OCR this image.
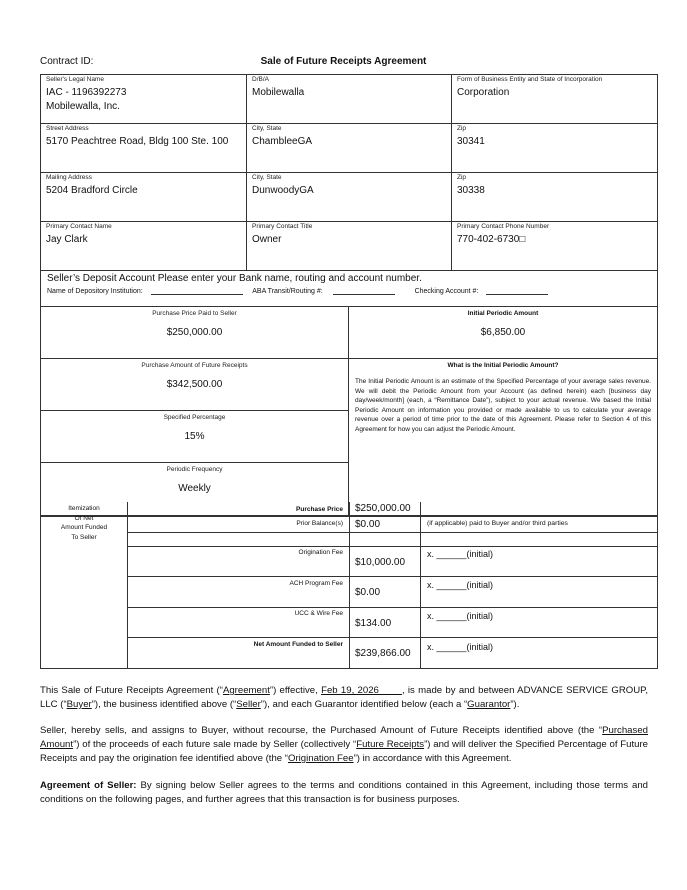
Contract ID:	Sale of Future Receipts Agreement
Seller's Legal Name
IAC - 1196392273
Mobilewalla, Inc.
D/B/A
Mobilewalla
Form of Business Entity and State of Incorporation
Corporation
Street Address
5170 Peachtree Road, Bldg 100 Ste. 100
City, State
ChambleeGA
Zip
30341
Mailing Address
5204 Bradford Circle
City, State
DunwoodyGA
Zip
30338
Primary Contact Name
Jay Clark
Primary Contact Title
Owner
Primary Contact Phone Number
770-402-6730□
Seller’s Deposit Account Please enter your Bank name, routing and account number.
Name of Depository Institution:	ABA Transit/Routing #:	Checking Account #:
Purchase Price Paid to Seller
$250,000.00
Purchase Amount of Future Receipts
$342,500.00
Specified Percentage
15%
Periodic Frequency
Weekly
Initial Periodic Amount
$6,850.00
What is the Initial Periodic Amount?
The Initial Periodic Amount is an estimate of the Specified Percentage of your average sales revenue. We will debit the Periodic Amount from your Account (as defined herein) each [business day day/week/month] (each, a “Remittance Date”), subject to your actual revenue. We based the Initial Periodic Amount on information you provided or made available to us to calculate your average revenue over a period of time prior to the date of this Agreement. Please refer to Section 4 of this Agreement for how you can adjust the Periodic Amount.
Itemization
Of Net
Amount Funded
To Seller
Purchase Price $250,000.00
Prior Balance(s) $0.00	(if applicable) paid to Buyer and/or third parties
Origination Fee
$10,000.00
x. ______(initial)
ACH Program Fee
$0.00
x. ______(initial)
UCC & Wire Fee
$134.00
x. ______(initial)
Net Amount Funded to Seller
$239,866.00
x. ______(initial)
This Sale of Future Receipts Agreement (“Agreement”) effective, Feb 19, 2026       , is made by and between ADVANCE SERVICE GROUP, LLC (“Buyer”), the business identified above (“Seller”), and each Guarantor identified below (each a “Guarantor”).
Seller, hereby sells, and assigns to Buyer, without recourse, the Purchased Amount of Future Receipts identified above (the “Purchased Amount”) of the proceeds of each future sale made by Seller (collectively “Future Receipts”) and will deliver the Specified Percentage of Future Receipts and pay the origination fee identified above (the “Origination Fee”) in accordance with this Agreement.
Agreement of Seller: By signing below Seller agrees to the terms and conditions contained in this Agreement, including those terms and conditions on the following pages, and further agrees that this transaction is for business purposes.
